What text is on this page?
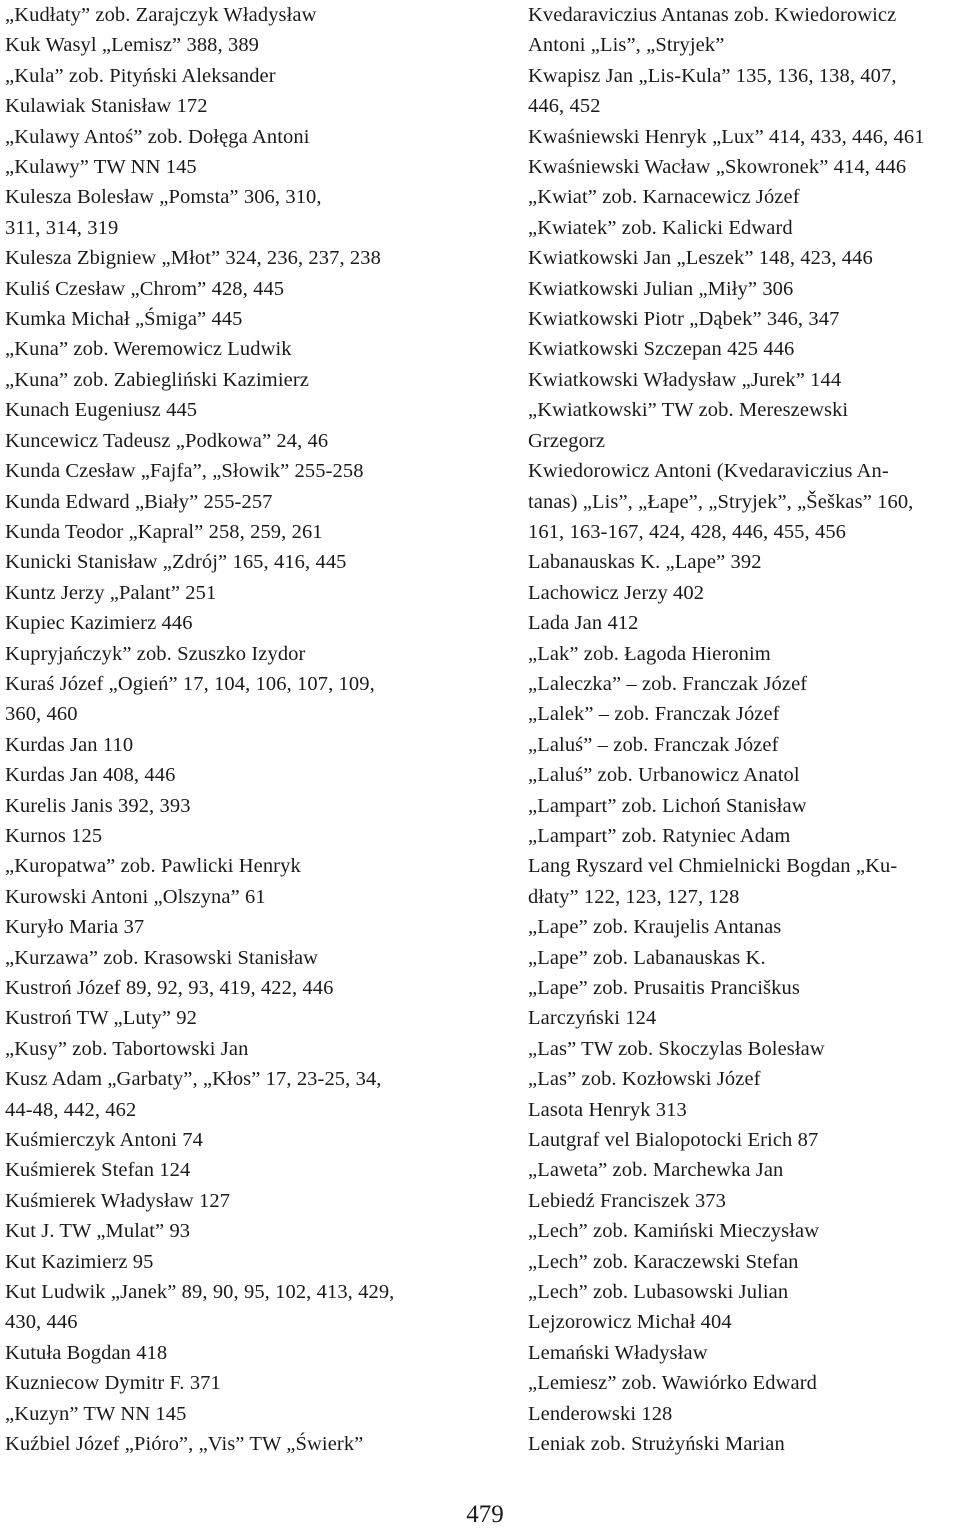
„Kudłaty” zob. Zarajczyk Władysław
Kuk Wasyl „Lemisz” 388, 389
„Kula” zob. Pityński Aleksander
Kulawiak Stanisław 172
„Kulawy Antoś” zob. Dołęga Antoni
„Kulawy” TW NN 145
Kulesza Bolesław „Pomsta” 306, 310,
311, 314, 319
Kulesza Zbigniew „Młot” 324, 236, 237, 238
Kuliś Czesław „Chrom” 428, 445
Kumka Michał „Śmiga” 445
„Kuna” zob. Weremowicz Ludwik
„Kuna” zob. Zabiegliński Kazimierz
Kunach Eugeniusz 445
Kuncewicz Tadeusz „Podkowa” 24, 46
Kunda Czesław „Fajfa”, „Słowik” 255-258
Kunda Edward „Biały” 255-257
Kunda Teodor „Kapral” 258, 259, 261
Kunicki Stanisław „Zdrój” 165, 416, 445
Kuntz Jerzy „Palant” 251
Kupiec Kazimierz 446
Kupryjańczyk” zob. Szuszko Izydor
Kuraś Józef „Ogień” 17, 104, 106, 107, 109,
360, 460
Kurdas Jan 110
Kurdas Jan 408, 446
Kurelis Janis 392, 393
Kurnos 125
„Kuropatwa” zob. Pawlicki Henryk
Kurowski Antoni „Olszyna” 61
Kuryło Maria 37
„Kurzawa” zob. Krasowski Stanisław
Kustroń Józef 89, 92, 93, 419, 422, 446
Kustroń TW „Luty” 92
„Kusy” zob. Tabortowski Jan
Kusz Adam „Garbaty”, „Kłos” 17, 23-25, 34,
44-48, 442, 462
Kuśmierczyk Antoni 74
Kuśmierek Stefan 124
Kuśmierek Władysław 127
Kut J. TW „Mulat” 93
Kut Kazimierz 95
Kut Ludwik „Janek” 89, 90, 95, 102, 413, 429,
430, 446
Kutuła Bogdan 418
Kuzniecow Dymitr F. 371
„Kuzyn” TW NN 145
Kuźbiel Józef „Pióro”, „Vis” TW „Świerk”
Kvedaraviczius Antanas zob. Kwiedorowicz
Antoni „Lis”, „Stryjek”
Kwapisz Jan „Lis-Kula” 135, 136, 138, 407,
446, 452
Kwaśniewski Henryk „Lux” 414, 433, 446, 461
Kwaśniewski Wacław „Skowronek” 414, 446
„Kwiat” zob. Karnacewicz Józef
„Kwiatek” zob. Kalicki Edward
Kwiatkowski Jan „Leszek” 148, 423, 446
Kwiatkowski Julian „Miły” 306
Kwiatkowski Piotr „Dąbek” 346, 347
Kwiatkowski Szczepan 425 446
Kwiatkowski Władysław „Jurek” 144
„Kwiatkowski” TW zob. Mereszewski
Grzegorz
Kwiedorowicz Antoni (Kvedaraviczius An-
tanas) „Lis”, „Łape”, „Stryjek”, „Šeškas” 160,
161, 163-167, 424, 428, 446, 455, 456
Labanauskas K. „Lape” 392
Lachowicz Jerzy 402
Lada Jan 412
„Lak” zob. Łagoda Hieronim
„Laleczka” – zob. Franczak Józef
„Lalek” – zob. Franczak Józef
„Laluś” – zob. Franczak Józef
„Laluś” zob. Urbanowicz Anatol
„Lampart” zob. Lichoń Stanisław
„Lampart” zob. Ratyniec Adam
Lang Ryszard vel Chmielnicki Bogdan „Ku-
dłaty” 122, 123, 127, 128
„Lape” zob. Kraujelis Antanas
„Lape” zob. Labanauskas K.
„Lape” zob. Prusaitis Pranciškus
Larczyński 124
„Las” TW zob. Skoczylas Bolesław
„Las” zob. Kozłowski Józef
Lasota Henryk 313
Lautgraf vel Bialopotocki Erich 87
„Laweta” zob. Marchewka Jan
Lebiedź Franciszek 373
„Lech” zob. Kamiński Mieczysław
„Lech” zob. Karaczewski Stefan
„Lech” zob. Lubasowski Julian
Lejzorowicz Michał 404
Lemański Władysław
„Lemiesz” zob. Wawiórko Edward
Lenderowski 128
Leniak zob. Strużyński Marian
479
